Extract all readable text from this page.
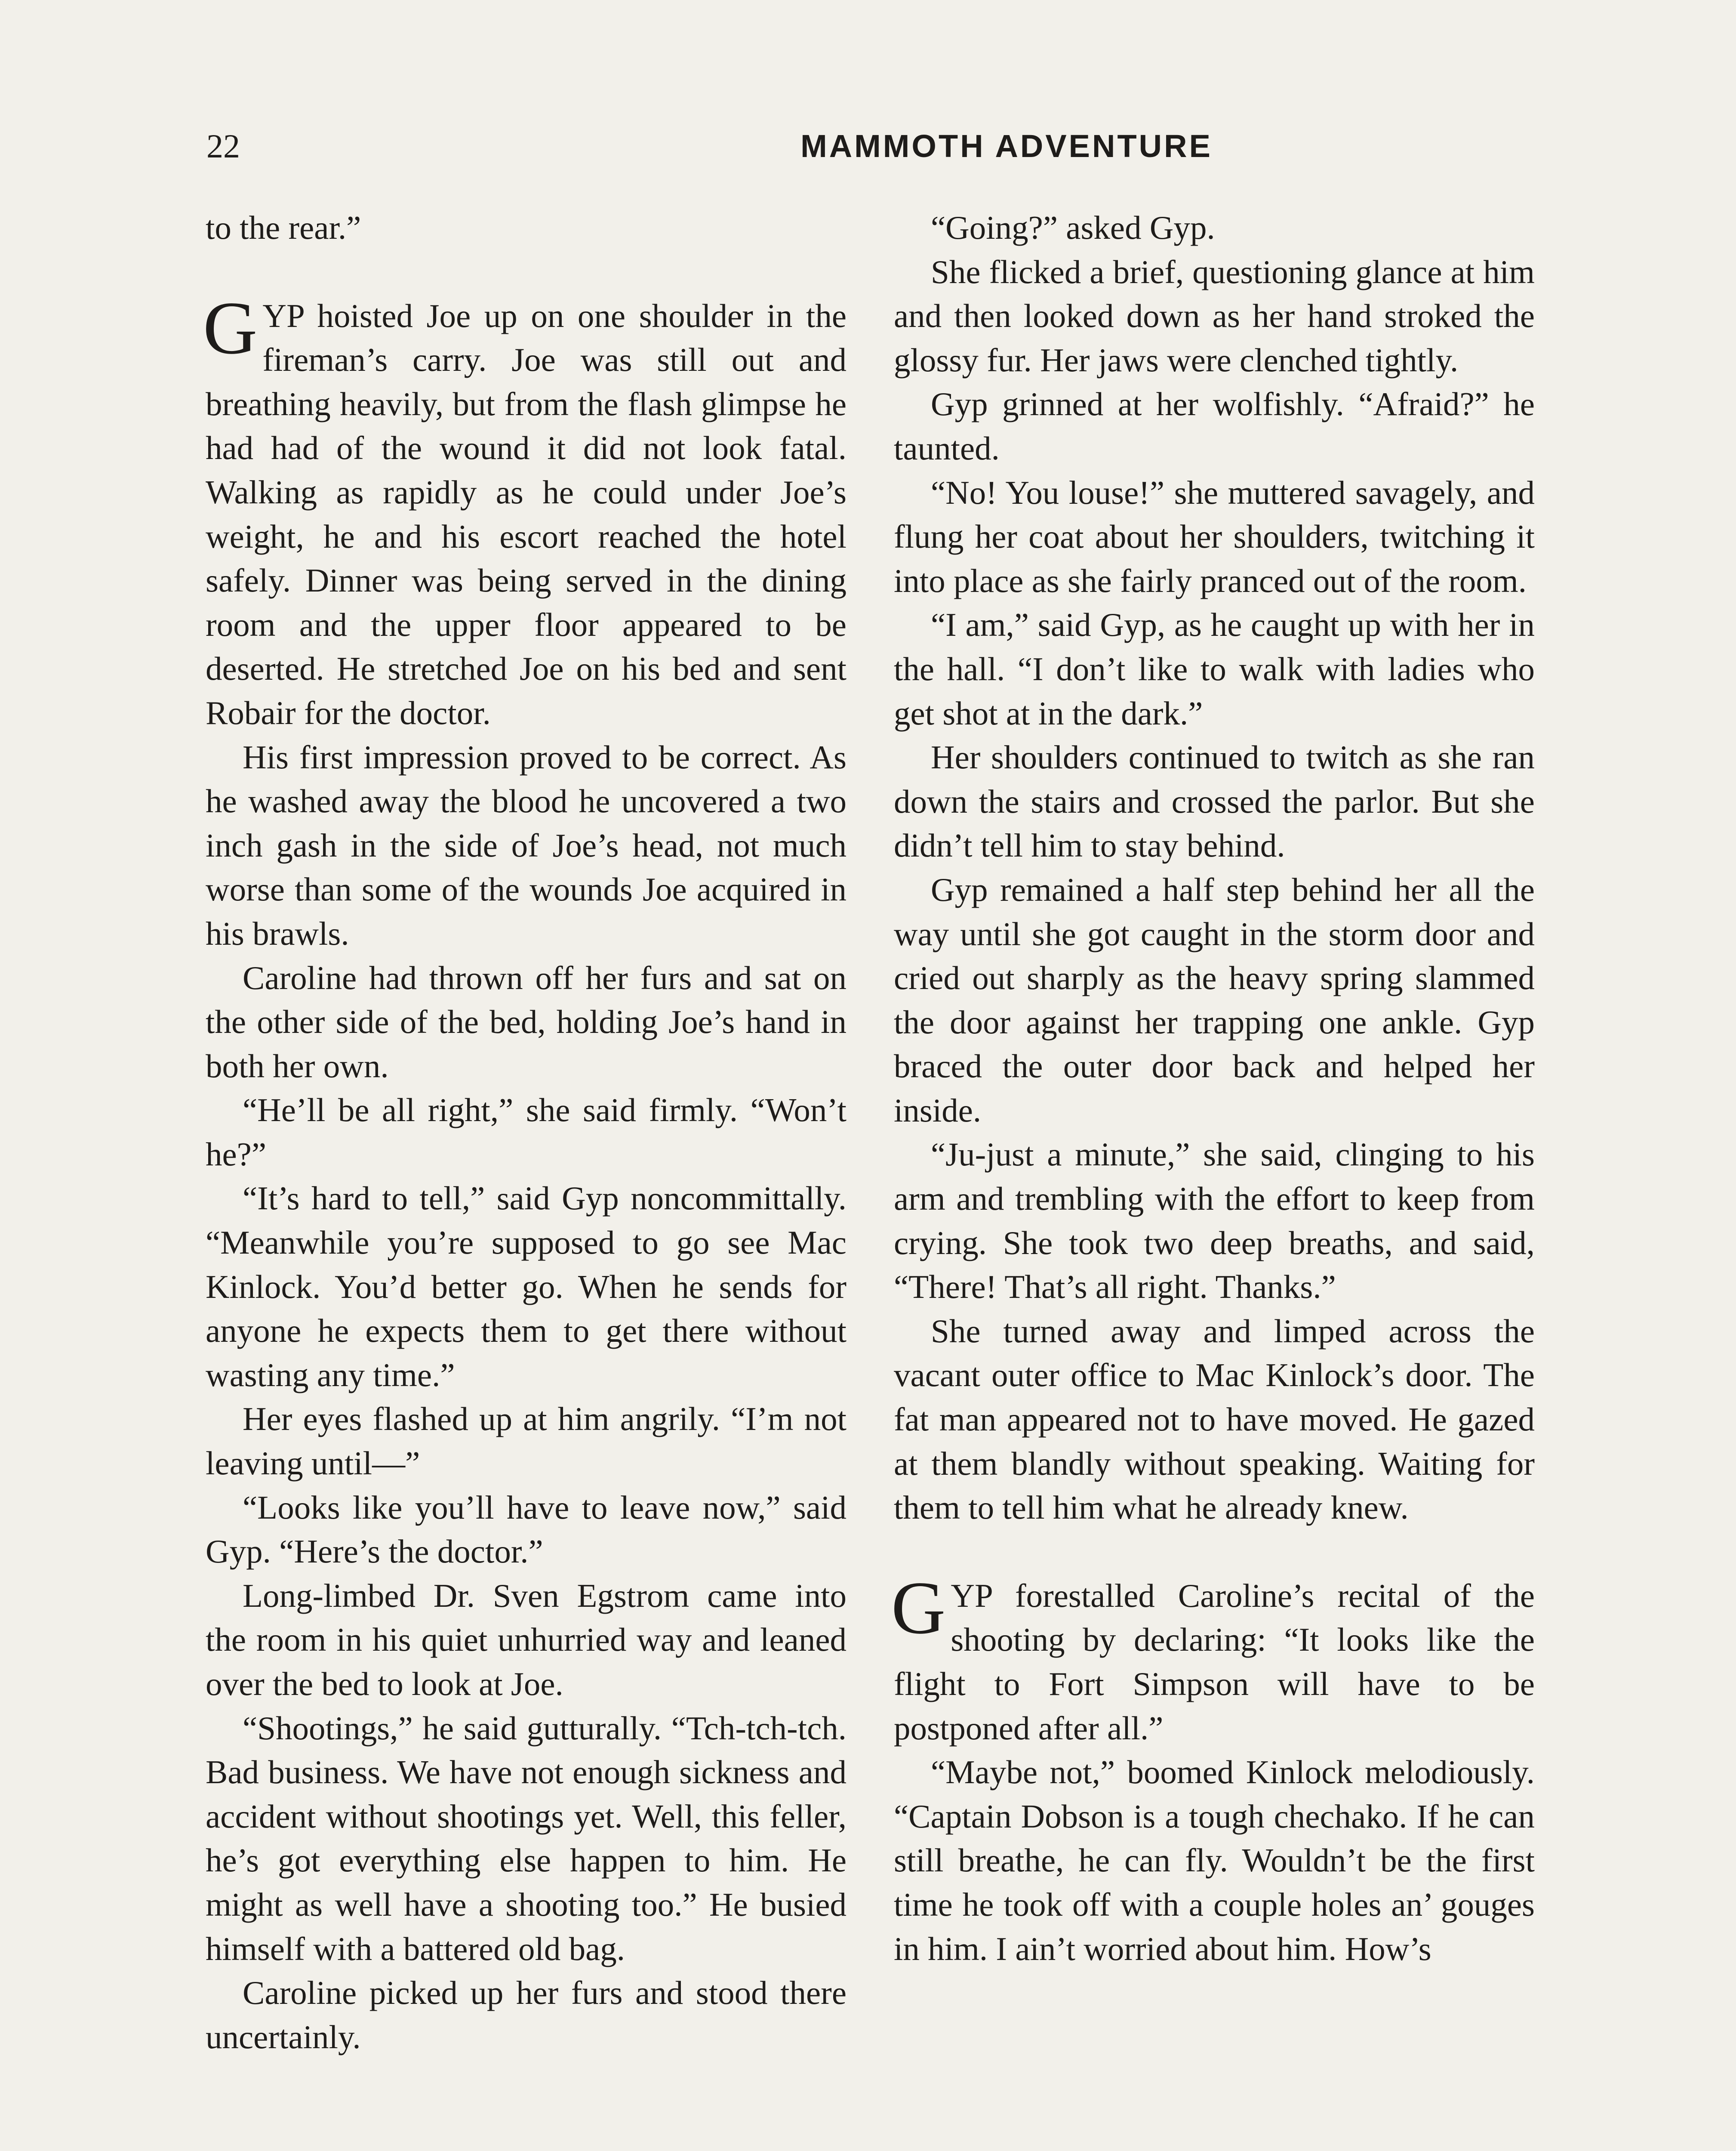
22	MAMMOTH ADVENTURE

to the rear.”

GYP hoisted Joe up on one shoulder in the fireman’s carry. Joe was still out and breathing heavily, but from the flash glimpse he had had of the wound it did not look fatal. Walking as rapidly as he could under Joe’s weight, he and his escort reached the hotel safely. Dinner was being served in the dining room and the upper floor appeared to be deserted. He stretched Joe on his bed and sent Robair for the doctor.

His first impression proved to be correct. As he washed away the blood he uncovered a two inch gash in the side of Joe’s head, not much worse than some of the wounds Joe acquired in his brawls.

Caroline had thrown off her furs and sat on the other side of the bed, holding Joe’s hand in both her own.

“He’ll be all right,” she said firmly. “Won’t he?”

“It’s hard to tell,” said Gyp noncommittally. “Meanwhile you’re supposed to go see Mac Kinlock. You’d better go. When he sends for anyone he expects them to get there without wasting any time.”

Her eyes flashed up at him angrily. “I’m not leaving until—”

“Looks like you’ll have to leave now,” said Gyp. “Here’s the doctor.”

Long-limbed Dr. Sven Egstrom came into the room in his quiet unhurried way and leaned over the bed to look at Joe.

“Shootings,” he said gutturally. “Tch-tch-tch. Bad business. We have not enough sickness and accident without shootings yet. Well, this feller, he’s got everything else happen to him. He might as well have a shooting too.” He busied himself with a battered old bag.

Caroline picked up her furs and stood there uncertainly.

“Going?” asked Gyp.

She flicked a brief, questioning glance at him and then looked down as her hand stroked the glossy fur. Her jaws were clenched tightly.

Gyp grinned at her wolfishly. “Afraid?” he taunted.

“No! You louse!” she muttered savagely, and flung her coat about her shoulders, twitching it into place as she fairly pranced out of the room.

“I am,” said Gyp, as he caught up with her in the hall. “I don’t like to walk with ladies who get shot at in the dark.”

Her shoulders continued to twitch as she ran down the stairs and crossed the parlor. But she didn’t tell him to stay behind.

Gyp remained a half step behind her all the way until she got caught in the storm door and cried out sharply as the heavy spring slammed the door against her trapping one ankle. Gyp braced the outer door back and helped her inside.

“Ju-just a minute,” she said, clinging to his arm and trembling with the effort to keep from crying. She took two deep breaths, and said, “There! That’s all right. Thanks.”

She turned away and limped across the vacant outer office to Mac Kinlock’s door. The fat man appeared not to have moved. He gazed at them blandly without speaking. Waiting for them to tell him what he already knew.

GYP forestalled Caroline’s recital of the shooting by declaring: “It looks like the flight to Fort Simpson will have to be postponed after all.”

“Maybe not,” boomed Kinlock melodiously. “Captain Dobson is a tough chechako. If he can still breathe, he can fly. Wouldn’t be the first time he took off with a couple holes an’ gouges in him. I ain’t worried about him. How’s
